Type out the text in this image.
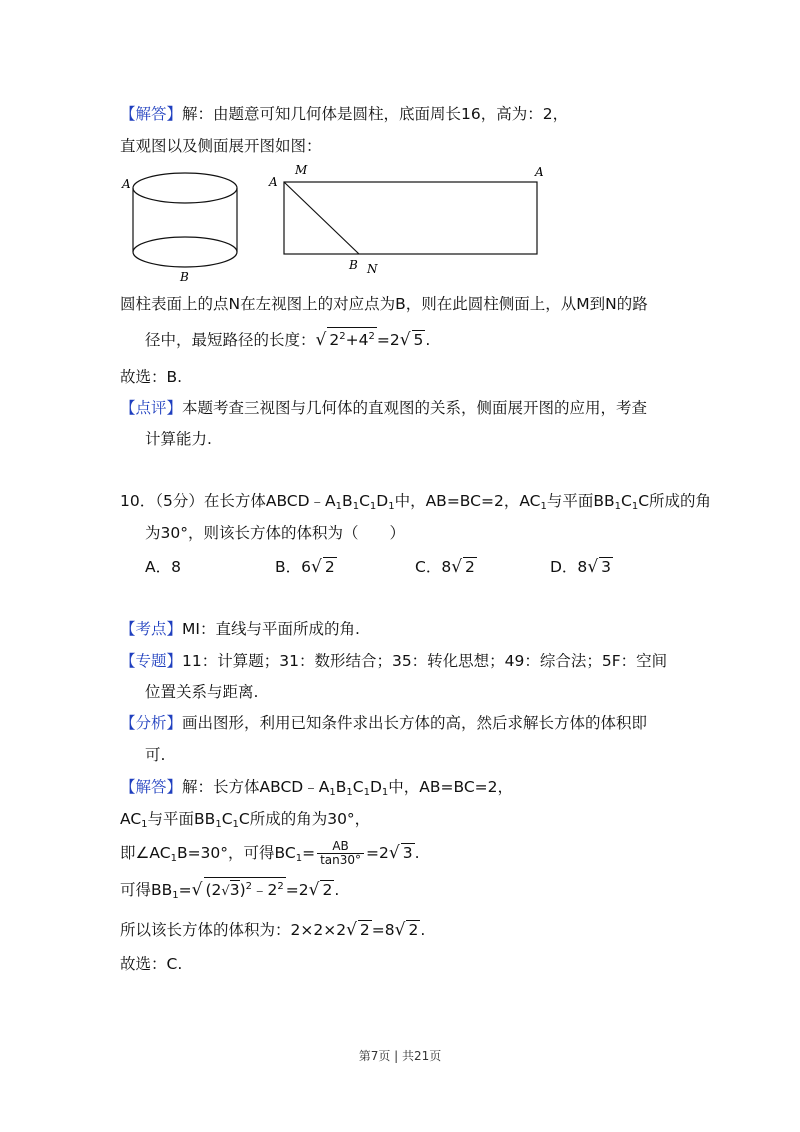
【解答】解：由题意可知几何体是圆柱，底面周长16，高为：2，
直观图以及侧面展开图如图：
A
B
A
M	A
B N
圆柱表面上的点N在左视图上的对应点为B，则在此圆柱侧面上，从M到N的路
径中，最短路径的长度：√ $2^2+4^2 =2√$ 5 .
故选：B.
【点评】本题考查三视图与几何体的直观图的关系，侧面展开图的应用，考查
计算能力.
10．（5分）在长方体$ABCD﹣A_1B_1C_1D_1$中，AB=BC=2，$AC_1$与平面$BB_1C_1C$所成的角
为30°，则该长方体的体积为（　　）
A．8	B．6√ 2	C．8√ 2	D．8√ 3
【考点】MI：直线与平面所成的角.
【专题】11：计算题；31：数形结合；35：转化思想；49：综合法；5F：空间
位置关系与距离.
【分析】画出图形，利用已知条件求出长方体的高，然后求解长方体的体积即
可.
【解答】解：长方体$ABCD﹣A_1B_1C_1D_1$中，AB=BC=2，
$AC_1$与平面$BB_1C_1C$所成的角为30°，
即$\angle AC_1B=30^\circ$，可得$BC_1= \frac{AB}{\tan 30^\circ} =2√$ 3 .
可得$BB_1=√$ $(2√3)^2﹣2^2 =2√$ 2 .
所以该长方体的体积为：2×2×2√ 2 =8√ 2 .
故选：C.
第7页 | 共21页
